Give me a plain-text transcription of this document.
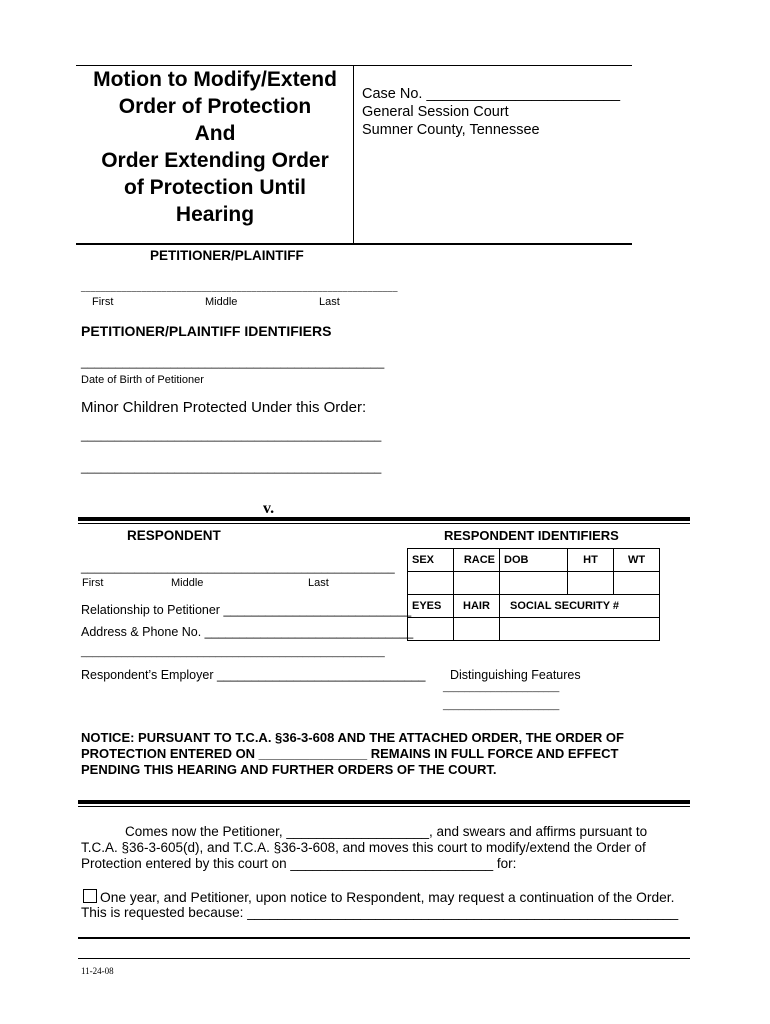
Motion to Modify/Extend
Order of Protection
And
Order Extending Order
of Protection Until
Hearing
Case No. ________________________
General Session Court
Sumner County, Tennessee
PETITIONER/PLAINTIFF
_______________________________________________________________
First	Middle	Last
PETITIONER/PLAINTIFF IDENTIFIERS
____________________________________________
Date of Birth of Petitioner
Minor Children Protected Under this Order:
_____________________________________________
_____________________________________________
v.
RESPONDENT	RESPONDENT IDENTIFIERS
_______________________________________________
First	Middle	Last
Relationship to Petitioner ___________________________
Address & Phone No. ______________________________
____________________________________________________
Respondent’s Employer ______________________________ Distinguishing Features
______________________
______________________
SEX	RACE	DOB	HT	WT

EYES	HAIR	SOCIAL SECURITY #		

NOTICE: PURSUANT TO T.C.A. §36-3-608 AND THE ATTACHED ORDER, THE ORDER OF
PROTECTION ENTERED ON _______________ REMAINS IN FULL FORCE AND EFFECT
PENDING THIS HEARING AND FURTHER ORDERS OF THE COURT.
Comes now the Petitioner, ___________________, and swears and affirms pursuant to
T.C.A. §36-3-605(d), and T.C.A. §36-3-608, and moves this court to modify/extend the Order of
Protection entered by this court on ___________________________ for:
One year, and Petitioner, upon notice to Respondent, may request a continuation of the Order.
This is requested because: _________________________________________________________
11-24-08
